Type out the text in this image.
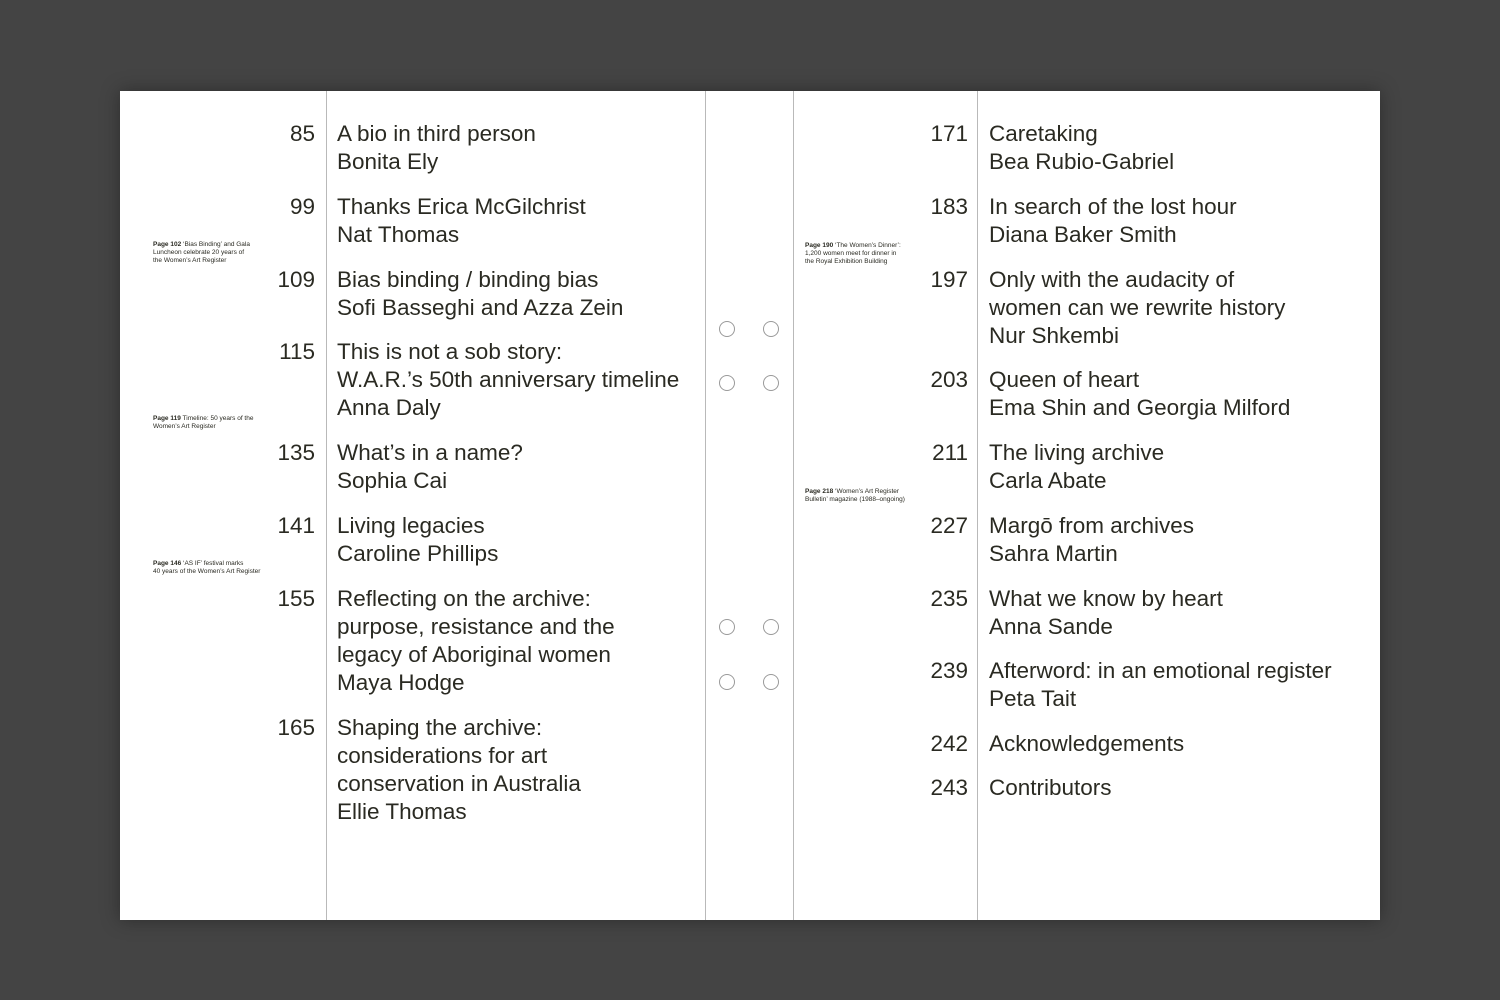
85 A bio in third person
Bonita Ely
99 Thanks Erica McGilchrist
Nat Thomas
109 Bias binding / binding bias
Sofi Basseghi and Azza Zein
115 This is not a sob story:
W.A.R.’s 50th anniversary timeline
Anna Daly
135 What’s in a name?
Sophia Cai
141 Living legacies
Caroline Phillips
155 Reflecting on the archive:
purpose, resistance and the
legacy of Aboriginal women
Maya Hodge
165 Shaping the archive:
considerations for art
conservation in Australia
Ellie Thomas
Page 102 ‘Bias Binding’ and Gala
Luncheon celebrate 20 years of
the Women’s Art Register
Page 119 Timeline: 50 years of the
Women’s Art Register
Page 146 ‘AS IF’ festival marks
40 years of the Women’s Art Register
171 Caretaking
Bea Rubio-Gabriel
183 In search of the lost hour
Diana Baker Smith
197 Only with the audacity of
women can we rewrite history
Nur Shkembi
203 Queen of heart
Ema Shin and Georgia Milford
211 The living archive
Carla Abate
227 Margō from archives
Sahra Martin
235 What we know by heart
Anna Sande
239 Afterword: in an emotional register
Peta Tait
242 Acknowledgements
243 Contributors
Page 190 ‘The Women’s Dinner’:
1,200 women meet for dinner in
the Royal Exhibition Building
Page 218 ‘Women’s Art Register
Bulletin’ magazine (1988–ongoing)
